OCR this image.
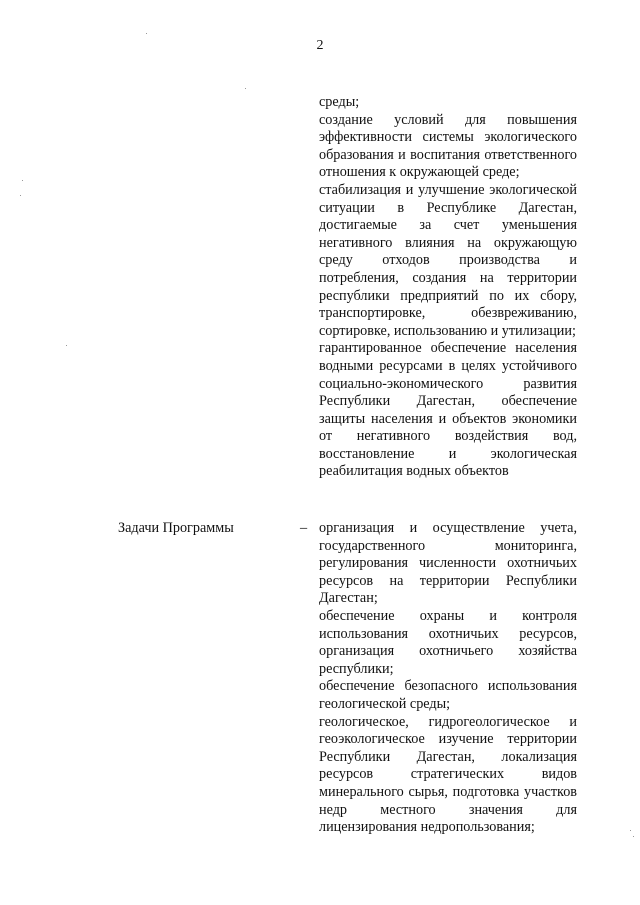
2
среды;
создание условий для повышения эффективности системы экологического образования и воспитания ответственного отношения к окружающей среде;
стабилизация и улучшение экологической ситуации в Республике Дагестан, достигаемые за счет уменьшения негативного влияния на окружающую среду отходов производства и потребления, создания на территории республики предприятий по их сбору, транспортировке, обезвреживанию, сортировке, использованию и утилизации;
гарантированное обеспечение населения водными ресурсами в целях устойчивого социально-экономического развития Республики Дагестан, обеспечение защиты населения и объектов экономики от негативного воздействия вод, восстановление и экологическая реабилитация водных объектов
Задачи Программы	– организация и осуществление учета, государственного мониторинга, регулирования численности охотничьих ресурсов на территории Республики Дагестан;
обеспечение охраны и контроля использования охотничьих ресурсов, организация охотничьего хозяйства республики;
обеспечение безопасного использования геологической среды;
геологическое, гидрогеологическое и геоэкологическое изучение территории Республики Дагестан, локализация ресурсов стратегических видов минерального сырья, подготовка участков недр местного значения для лицензирования недропользования;
